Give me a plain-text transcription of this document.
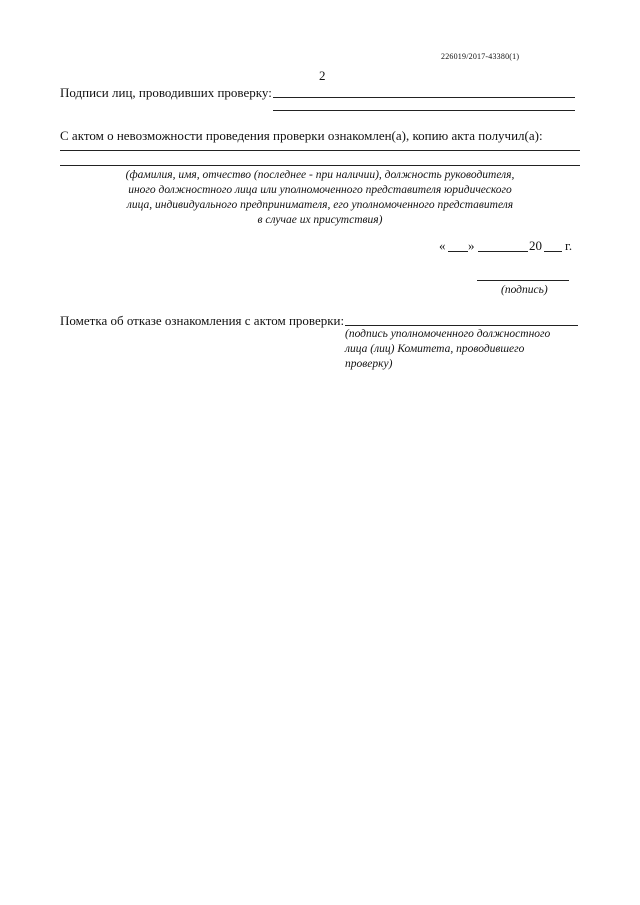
226019/2017-43380(1)
2
Подписи лиц, проводивших проверку:
С актом о невозможности проведения проверки ознакомлен(а), копию акта получил(а):
(фамилия, имя, отчество (последнее - при наличии), должность руководителя,
иного должностного лица или уполномоченного представителя юридического
лица, индивидуального предпринимателя, его уполномоченного представителя
в случае их присутствия)
« »	20 г.
(подпись)
Пометка об отказе ознакомления с актом проверки:
(подпись уполномоченного должностного
лица (лиц) Комитета, проводившего
проверку)
